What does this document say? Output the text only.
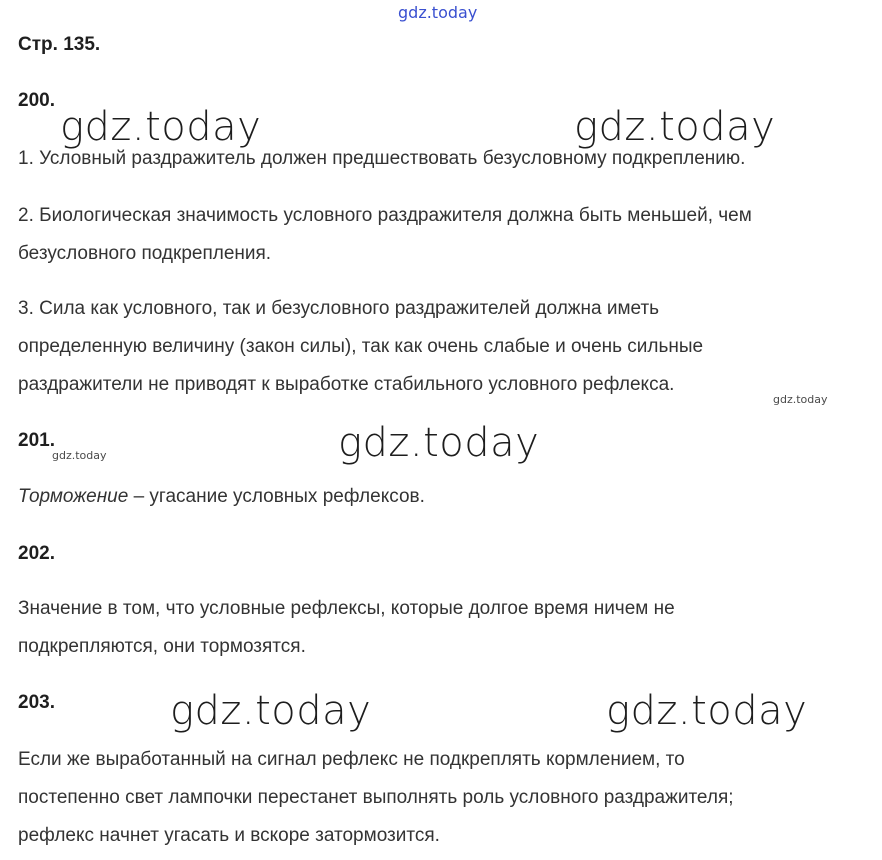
gdz.today
Стр. 135.
200.
gdz.today	gdz.today
1. Условный раздражитель должен предшествовать безусловному подкреплению.
2. Биологическая значимость условного раздражителя должна быть меньшей, чем
безусловного подкрепления.
3. Сила как условного, так и безусловного раздражителей должна иметь
определенную величину (закон силы), так как очень слабые и очень сильные
раздражители не приводят к выработке стабильного условного рефлекса.
gdz.today
201.
gdz.today	gdz.today
Торможение – угасание условных рефлексов.
202.
Значение в том, что условные рефлексы, которые долгое время ничем не
подкрепляются, они тормозятся.
203.	gdz.today	gdz.today
Если же выработанный на сигнал рефлекс не подкреплять кормлением, то
постепенно свет лампочки перестанет выполнять роль условного раздражителя;
рефлекс начнет угасать и вскоре затормозится.
